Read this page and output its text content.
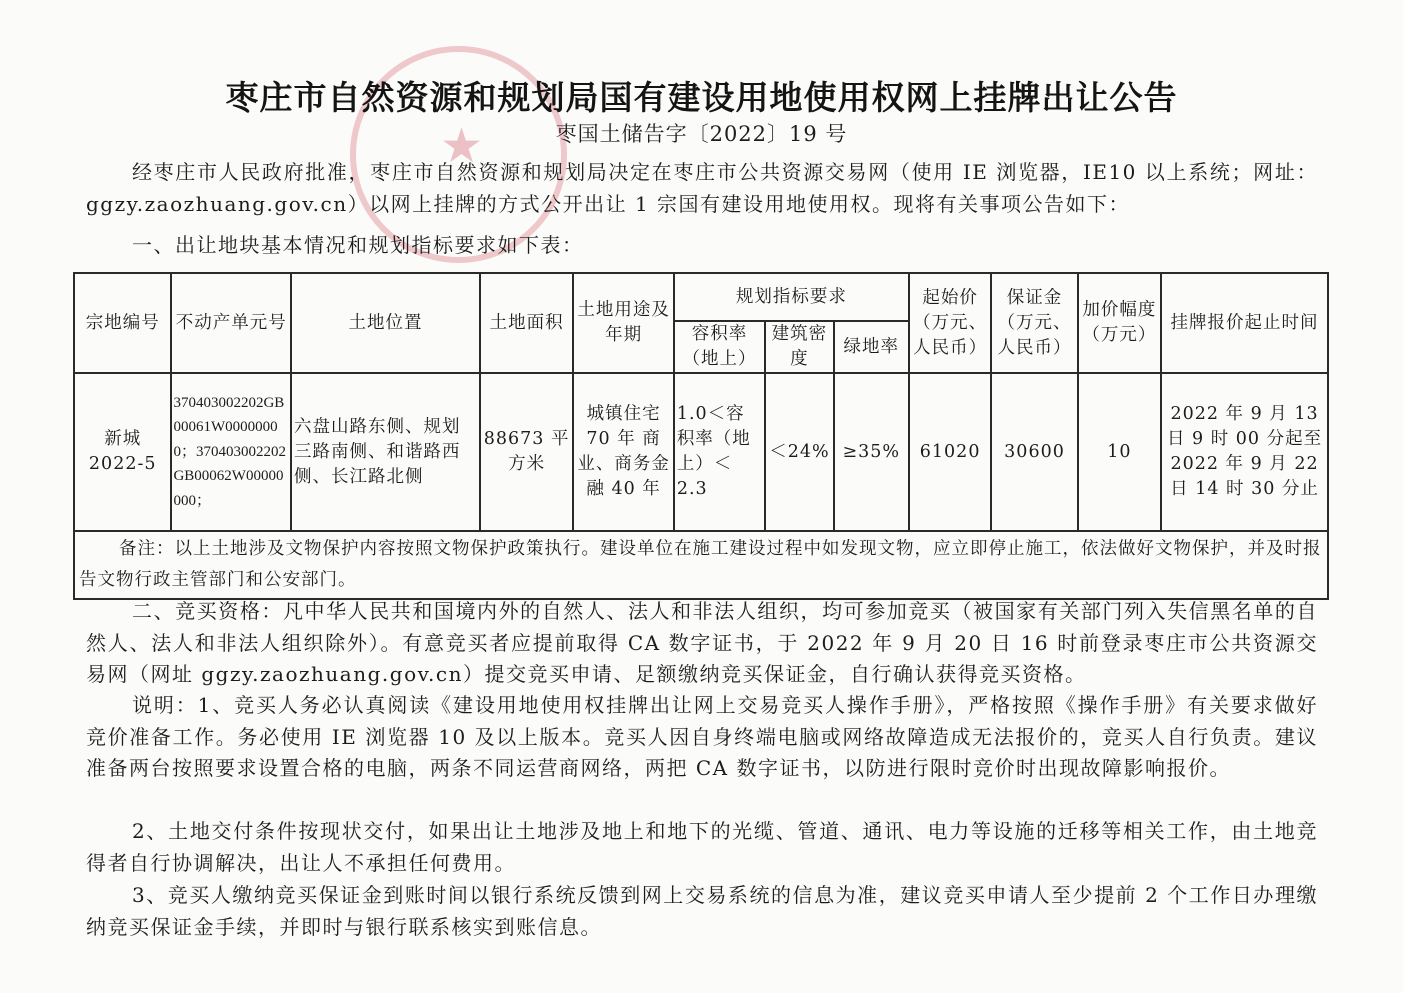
★
枣庄市自然资源和规划局国有建设用地使用权网上挂牌出让公告
枣国土储告字〔2022〕19 号
经枣庄市人民政府批准，枣庄市自然资源和规划局决定在枣庄市公共资源交易网（使用 IE 浏览器，IE10 以上系统；网址：ggzy.zaozhuang.gov.cn）以网上挂牌的方式公开出让 1 宗国有建设用地使用权。现将有关事项公告如下：
一、出让地块基本情况和规划指标要求如下表：
宗地编号	不动产单元号	土地位置	土地面积	土地用途及年期	规划指标要求			起始价（万元、人民币）	保证金（万元、人民币）	加价幅度（万元）	挂牌报价起止时间
					容积率（地上）	建筑密度	绿地率				
新城 2022-5	370403002202GB00061W00000000；370403002202GB00062W00000000；	六盘山路东侧、规划三路南侧、和谐路西侧、长江路北侧	88673 平方米	城镇住宅 70 年 商业、商务金融 40 年	1.0＜容积率（地上）＜2.3	＜24%	≥35%	61020	30600	10	2022 年 9 月 13 日 9 时 00 分起至 2022 年 9 月 22 日 14 时 30 分止
备注：以上土地涉及文物保护内容按照文物保护政策执行。建设单位在施工建设过程中如发现文物，应立即停止施工，依法做好文物保护，并及时报告文物行政主管部门和公安部门。											
二、竞买资格：凡中华人民共和国境内外的自然人、法人和非法人组织，均可参加竞买（被国家有关部门列入失信黑名单的自然人、法人和非法人组织除外）。有意竞买者应提前取得 CA 数字证书，于 2022 年 9 月 20 日 16 时前登录枣庄市公共资源交易网（网址 ggzy.zaozhuang.gov.cn）提交竞买申请、足额缴纳竞买保证金，自行确认获得竞买资格。
说明：1、竞买人务必认真阅读《建设用地使用权挂牌出让网上交易竞买人操作手册》，严格按照《操作手册》有关要求做好竞价准备工作。务必使用 IE 浏览器 10 及以上版本。竞买人因自身终端电脑或网络故障造成无法报价的，竞买人自行负责。建议准备两台按照要求设置合格的电脑，两条不同运营商网络，两把 CA 数字证书，以防进行限时竞价时出现故障影响报价。
2、土地交付条件按现状交付，如果出让土地涉及地上和地下的光缆、管道、通讯、电力等设施的迁移等相关工作，由土地竞得者自行协调解决，出让人不承担任何费用。
3、竞买人缴纳竞买保证金到账时间以银行系统反馈到网上交易系统的信息为准，建议竞买申请人至少提前 2 个工作日办理缴纳竞买保证金手续，并即时与银行联系核实到账信息。
